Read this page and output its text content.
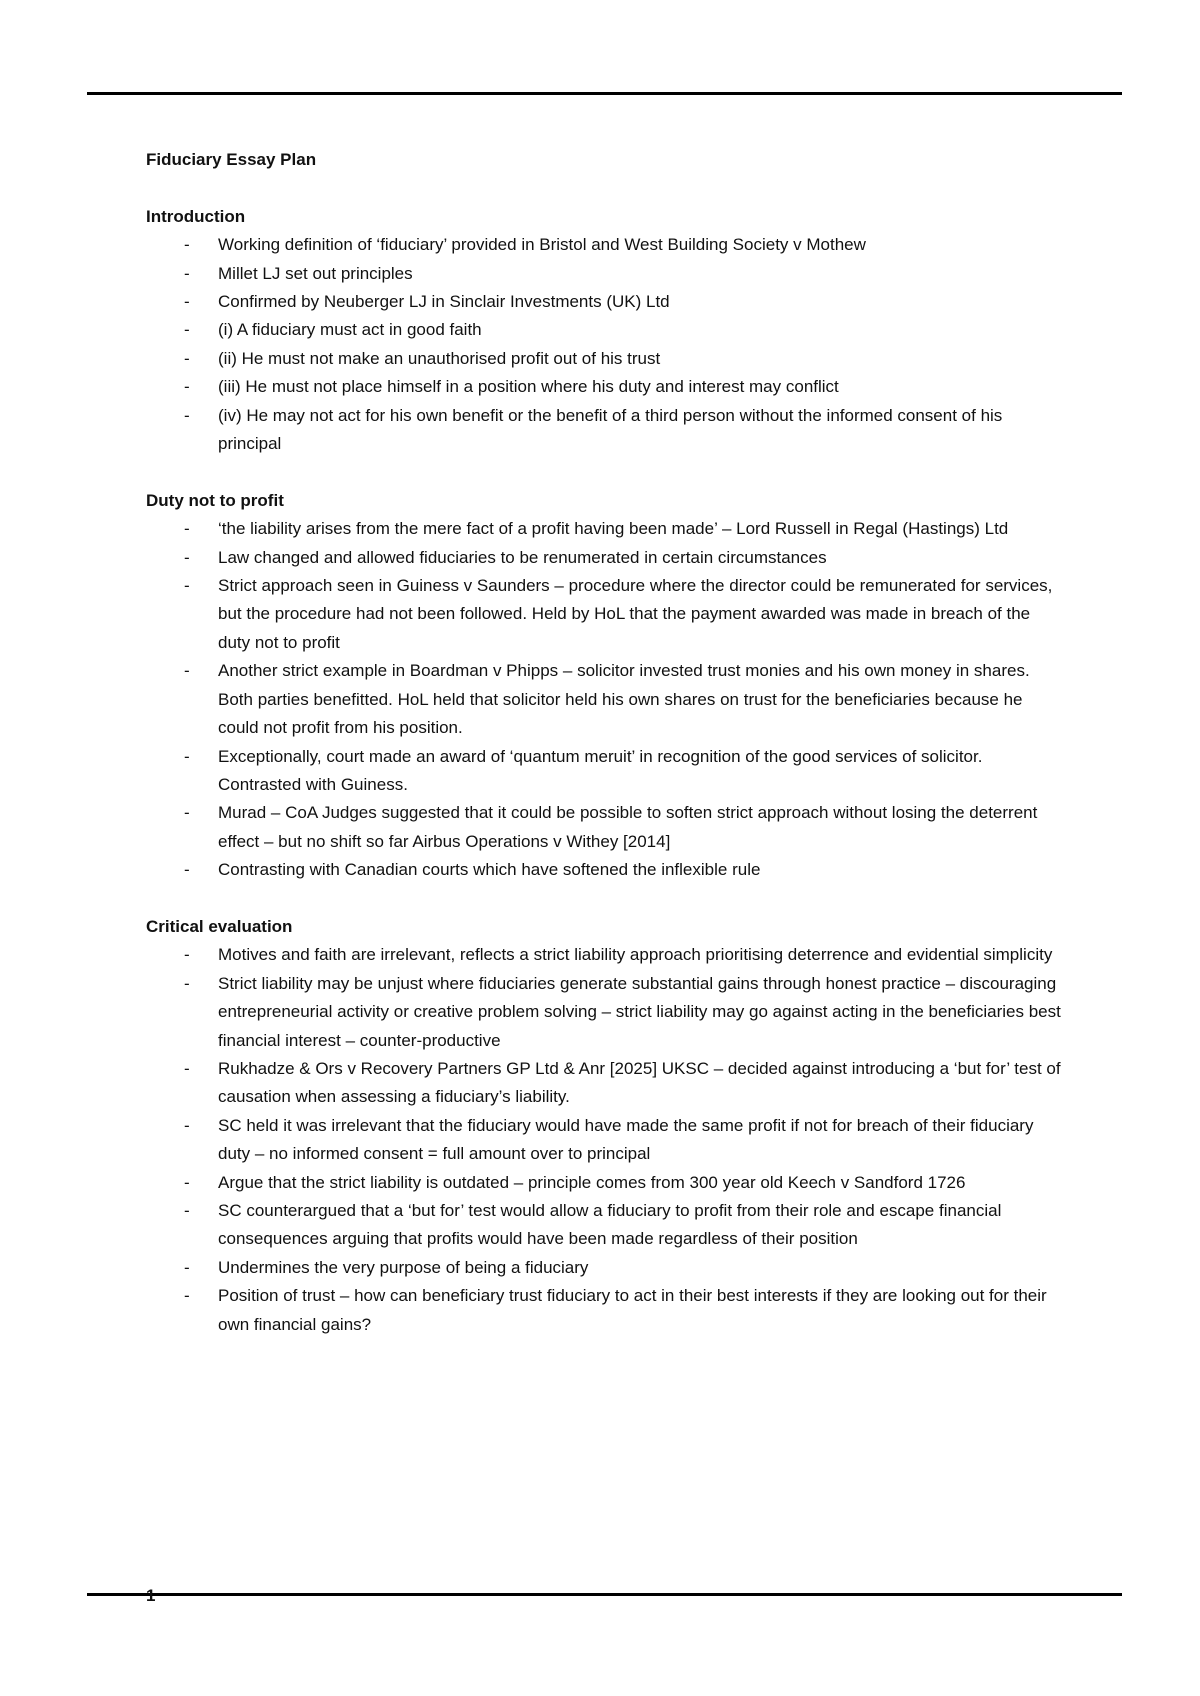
Fiduciary Essay Plan
Introduction
- Working definition of ‘fiduciary’ provided in Bristol and West Building Society v Mothew
- Millet LJ set out principles
- Confirmed by Neuberger LJ in Sinclair Investments (UK) Ltd
- (i) A fiduciary must act in good faith
- (ii) He must not make an unauthorised profit out of his trust
- (iii) He must not place himself in a position where his duty and interest may conflict
- (iv) He may not act for his own benefit or the benefit of a third person without the informed consent of his principal
Duty not to profit
- ‘the liability arises from the mere fact of a profit having been made’ – Lord Russell in Regal (Hastings) Ltd
- Law changed and allowed fiduciaries to be renumerated in certain circumstances
- Strict approach seen in Guiness v Saunders – procedure where the director could be remunerated for services, but the procedure had not been followed. Held by HoL that the payment awarded was made in breach of the duty not to profit
- Another strict example in Boardman v Phipps – solicitor invested trust monies and his own money in shares. Both parties benefitted. HoL held that solicitor held his own shares on trust for the beneficiaries because he could not profit from his position.
- Exceptionally, court made an award of ‘quantum meruit’ in recognition of the good services of solicitor. Contrasted with Guiness.
- Murad – CoA Judges suggested that it could be possible to soften strict approach without losing the deterrent effect – but no shift so far Airbus Operations v Withey [2014]
- Contrasting with Canadian courts which have softened the inflexible rule
Critical evaluation
- Motives and faith are irrelevant, reflects a strict liability approach prioritising deterrence and evidential simplicity
- Strict liability may be unjust where fiduciaries generate substantial gains through honest practice – discouraging entrepreneurial activity or creative problem solving – strict liability may go against acting in the beneficiaries best financial interest – counter-productive
- Rukhadze & Ors v Recovery Partners GP Ltd & Anr [2025] UKSC – decided against introducing a ‘but for’ test of causation when assessing a fiduciary’s liability.
- SC held it was irrelevant that the fiduciary would have made the same profit if not for breach of their fiduciary duty – no informed consent = full amount over to principal
- Argue that the strict liability is outdated – principle comes from 300 year old Keech v Sandford 1726
- SC counterargued that a ‘but for’ test would allow a fiduciary to profit from their role and escape financial consequences arguing that profits would have been made regardless of their position
- Undermines the very purpose of being a fiduciary
- Position of trust – how can beneficiary trust fiduciary to act in their best interests if they are looking out for their own financial gains?
1
